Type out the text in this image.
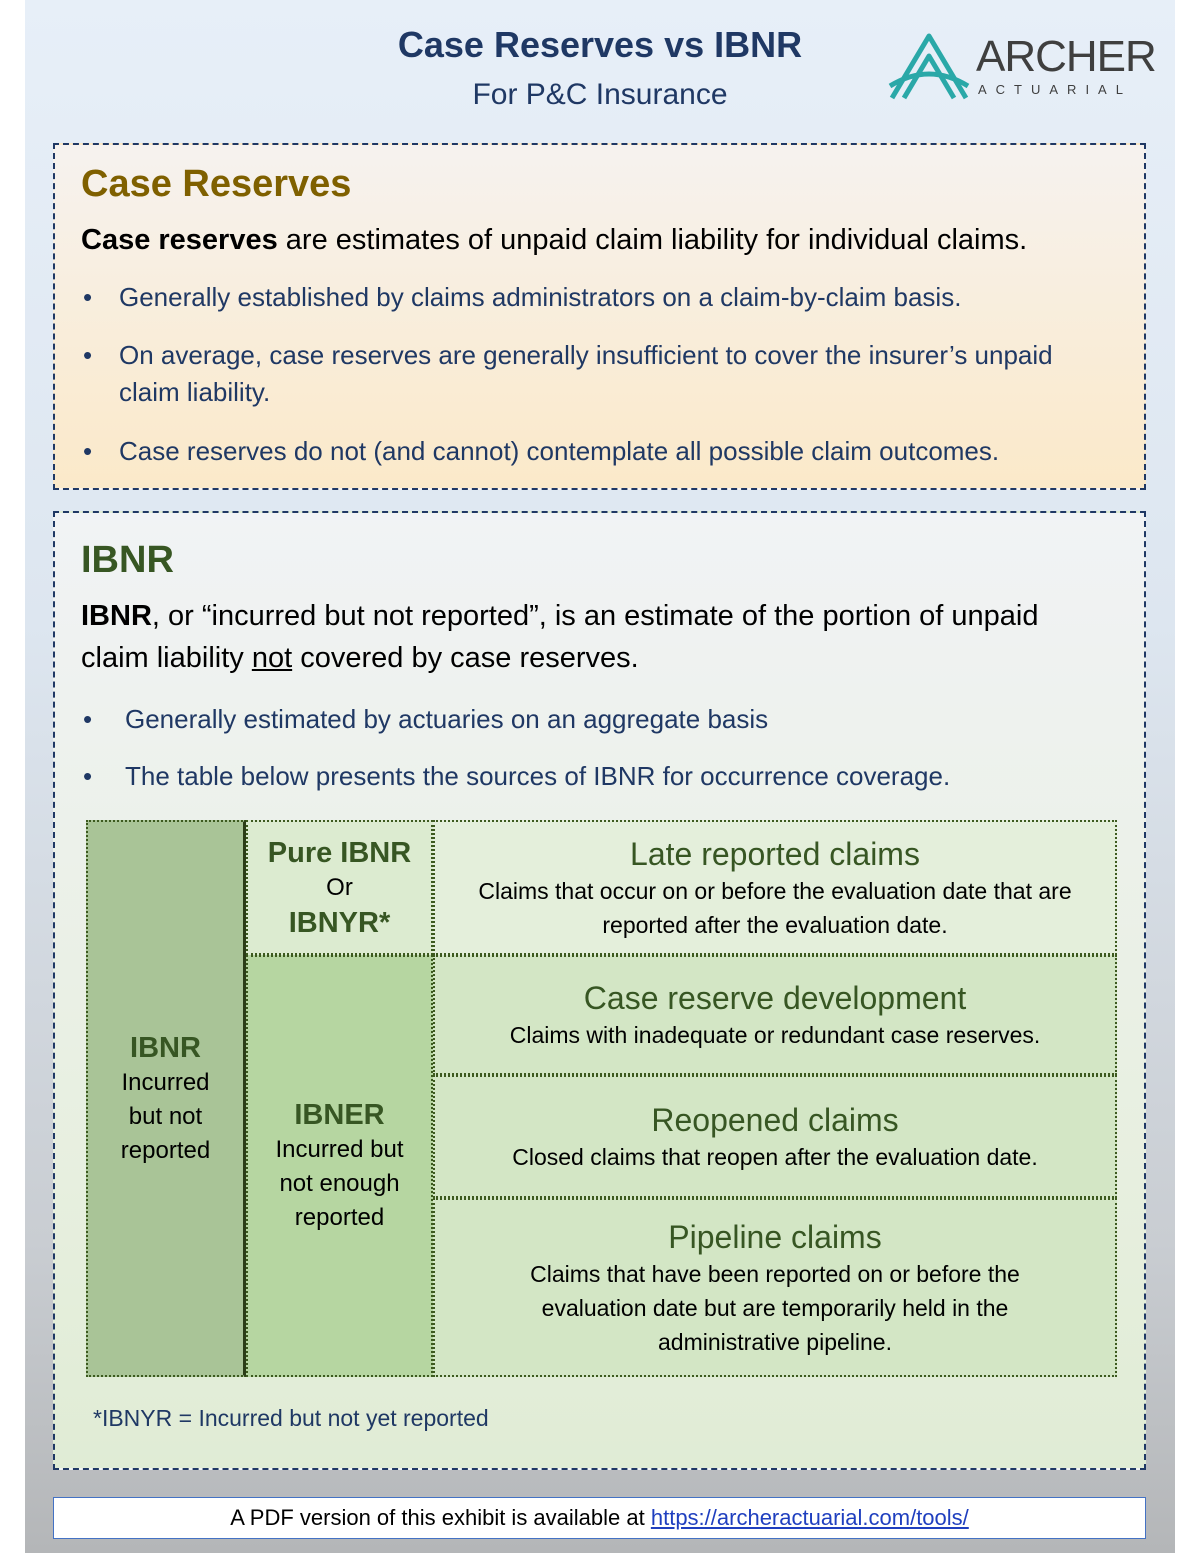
Case Reserves vs IBNR
For P&C Insurance
ARCHER
ACTUARIAL
Case Reserves

Case reserves are estimates of unpaid claim liability for individual claims.

• Generally established by claims administrators on a claim-by-claim basis.
• On average, case reserves are generally insufficient to cover the insurer’s unpaid claim liability.
• Case reserves do not (and cannot) contemplate all possible claim outcomes.
IBNR

IBNR, or “incurred but not reported”, is an estimate of the portion of unpaid claim liability not covered by case reserves.

• Generally estimated by actuaries on an aggregate basis
• The table below presents the sources of IBNR for occurrence coverage.
IBNR
Incurred
but not
reported
Pure IBNR
Or
IBNYR*
IBNER
Incurred but
not enough
reported
Late reported claims
Claims that occur on or before the evaluation date that are reported after the evaluation date.
Case reserve development
Claims with inadequate or redundant case reserves.
Reopened claims
Closed claims that reopen after the evaluation date.
Pipeline claims
Claims that have been reported on or before the evaluation date but are temporarily held in the administrative pipeline.
*IBNYR = Incurred but not yet reported
A PDF version of this exhibit is available at https://archeractuarial.com/tools/
